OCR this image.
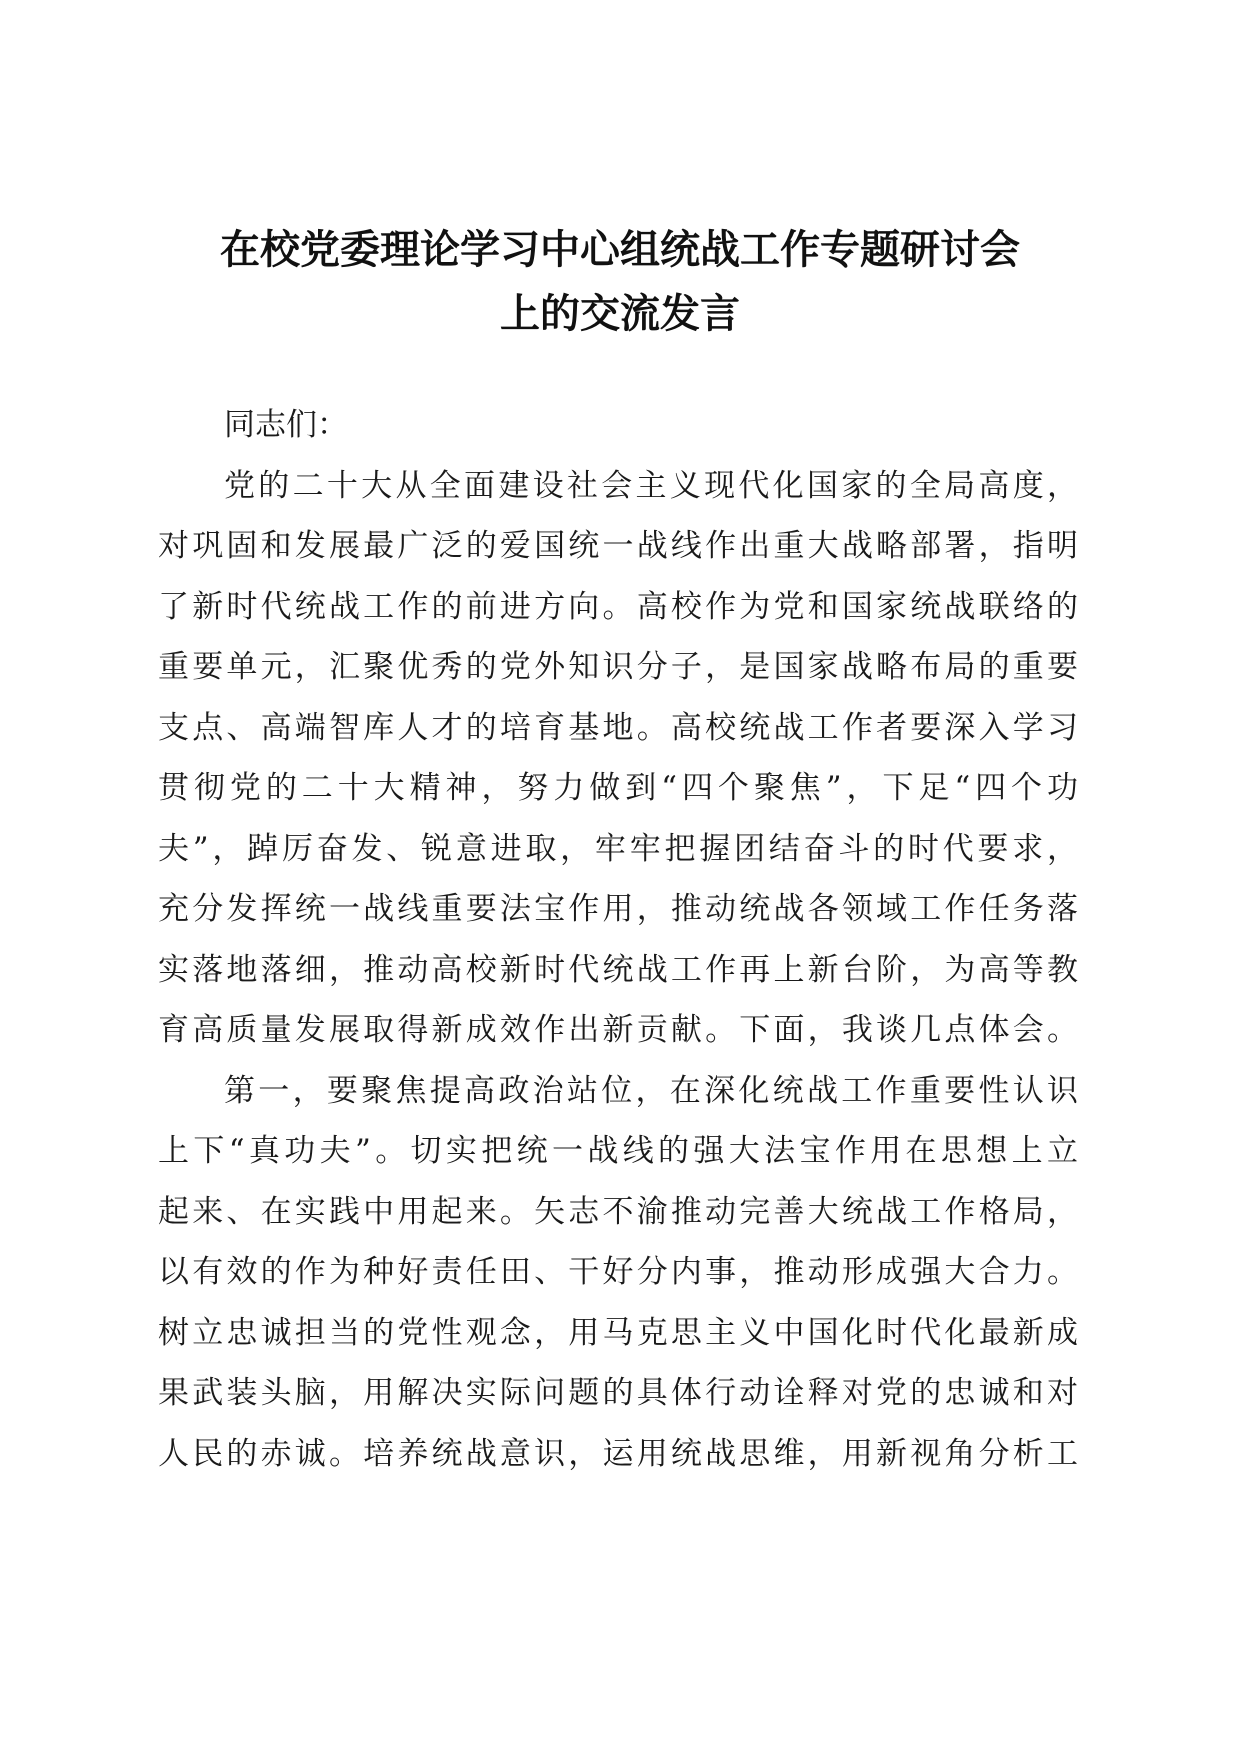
在校党委理论学习中心组统战工作专题研讨会
上的交流发言
同志们：
党的二十大从全面建设社会主义现代化国家的全局高度，
对巩固和发展最广泛的爱国统一战线作出重大战略部署，指明
了新时代统战工作的前进方向。高校作为党和国家统战联络的
重要单元，汇聚优秀的党外知识分子，是国家战略布局的重要
支点、高端智库人才的培育基地。高校统战工作者要深入学习
贯彻党的二十大精神，努力做到“四个聚焦”，下足“四个功
夫”，踔厉奋发、锐意进取，牢牢把握团结奋斗的时代要求，
充分发挥统一战线重要法宝作用，推动统战各领域工作任务落
实落地落细，推动高校新时代统战工作再上新台阶，为高等教
育高质量发展取得新成效作出新贡献。下面，我谈几点体会。
第一，要聚焦提高政治站位，在深化统战工作重要性认识
上下“真功夫”。切实把统一战线的强大法宝作用在思想上立
起来、在实践中用起来。矢志不渝推动完善大统战工作格局，
以有效的作为种好责任田、干好分内事，推动形成强大合力。
树立忠诚担当的党性观念，用马克思主义中国化时代化最新成
果武装头脑，用解决实际问题的具体行动诠释对党的忠诚和对
人民的赤诚。培养统战意识，运用统战思维，用新视角分析工
